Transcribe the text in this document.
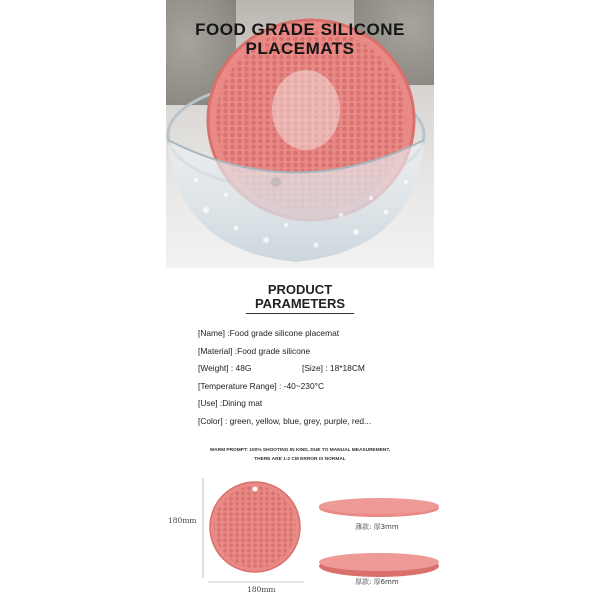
FOOD GRADE SILICONE
PLACEMATS
PRODUCT
PARAMETERS
[Name] :Food grade silicone placemat
[Material] :Food grade silicone
[Weight] : 48G	[Size] : 18*18CM
[Temperature Range] : -40~230°C
[Use] :Dining mat
[Color] : green, yellow, blue, grey, purple, red...
WARM PROMPT: 100% SHOOTING IN KIND, DUE TO MANUAL MEASUREMENT,
THERE ARE 1-2 CM ERROR IS NORMAL
180mm
180mm
薄款: 厚3mm
厚款: 厚6mm
